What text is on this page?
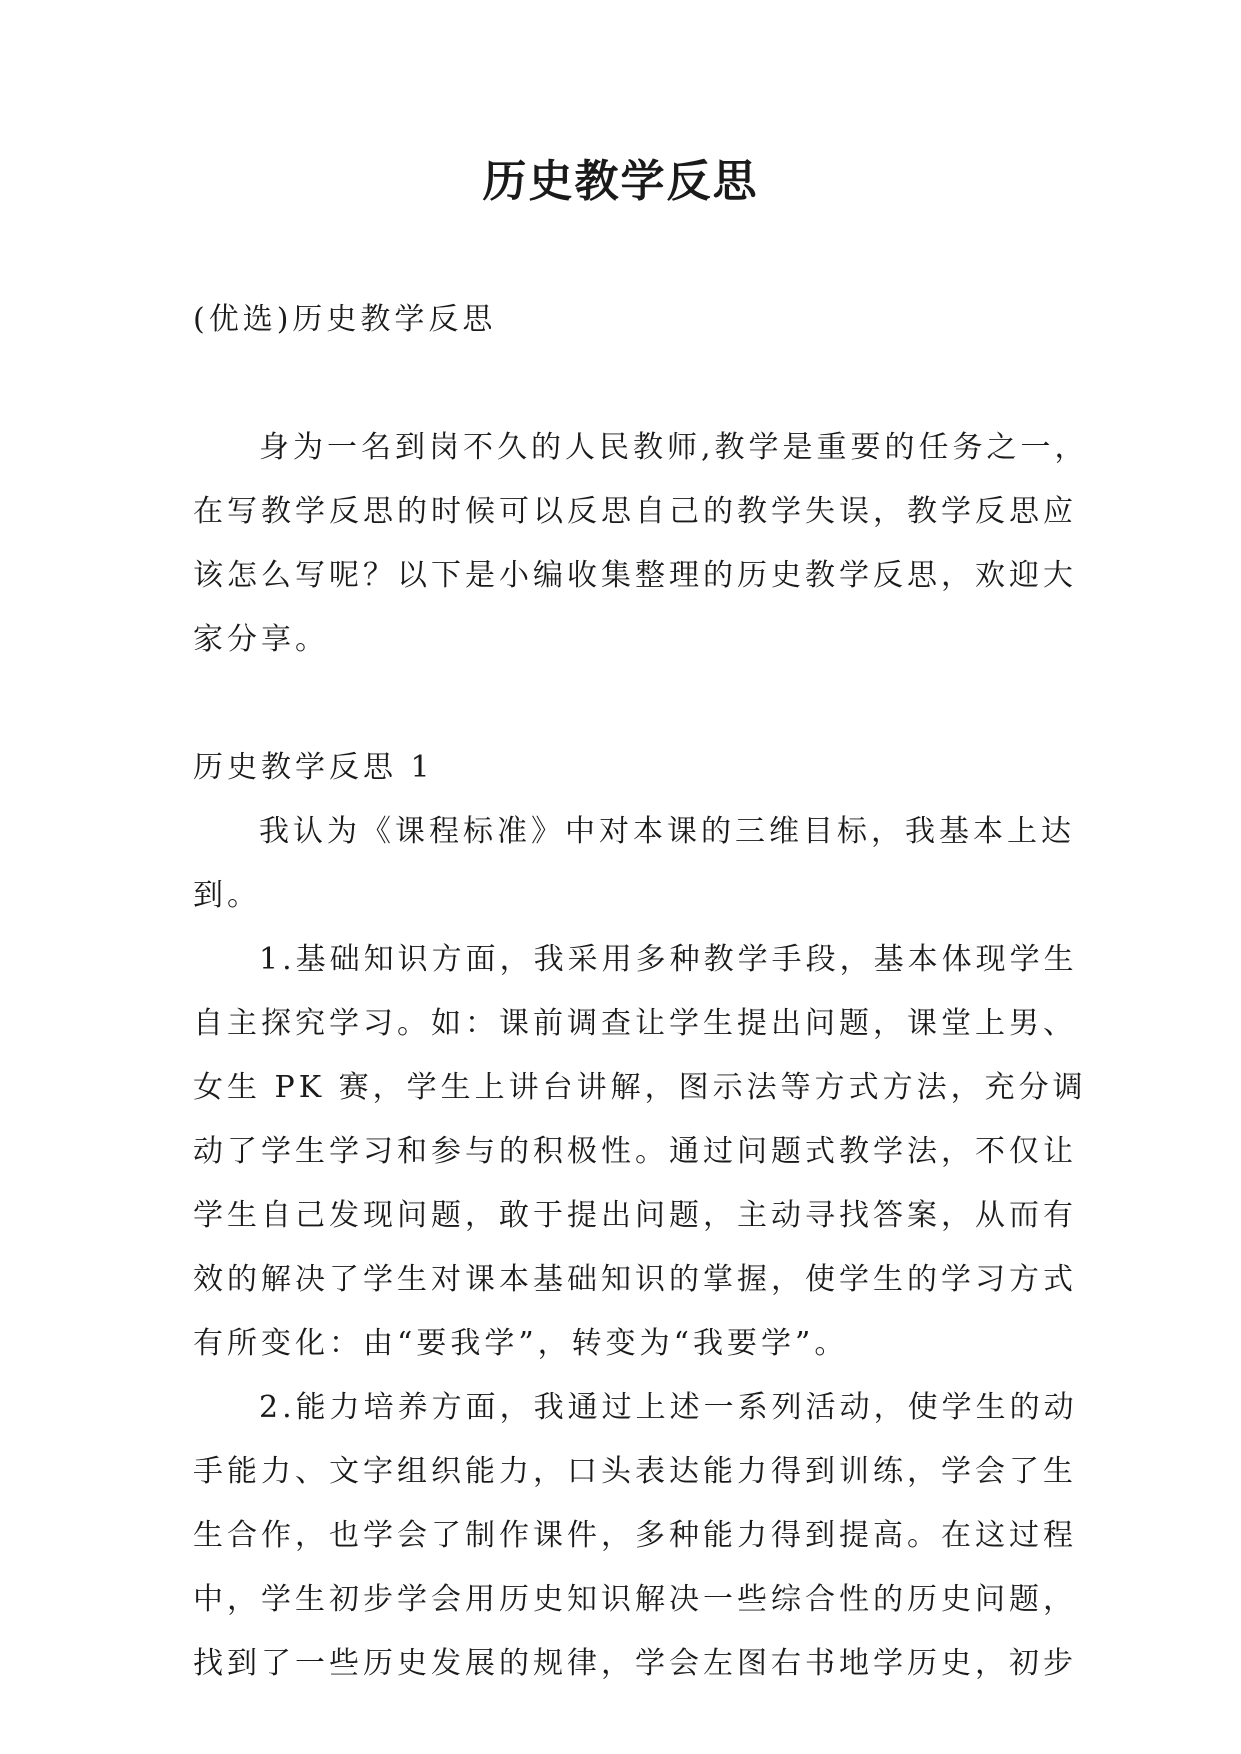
历史教学反思
(优选)历史教学反思
身为一名到岗不久的人民教师,教学是重要的任务之一，
在写教学反思的时候可以反思自己的教学失误，教学反思应
该怎么写呢？以下是小编收集整理的历史教学反思，欢迎大
家分享。
历史教学反思 1
我认为《课程标准》中对本课的三维目标，我基本上达
到。
1.基础知识方面，我采用多种教学手段，基本体现学生
自主探究学习。如：课前调查让学生提出问题，课堂上男、
女生 PK 赛，学生上讲台讲解，图示法等方式方法，充分调
动了学生学习和参与的积极性。通过问题式教学法，不仅让
学生自己发现问题，敢于提出问题，主动寻找答案，从而有
效的解决了学生对课本基础知识的掌握，使学生的学习方式
有所变化：由“要我学”，转变为“我要学”。
2.能力培养方面，我通过上述一系列活动，使学生的动
手能力、文字组织能力，口头表达能力得到训练，学会了生
生合作，也学会了制作课件，多种能力得到提高。在这过程
中，学生初步学会用历史知识解决一些综合性的历史问题，
找到了一些历史发展的规律，学会左图右书地学历史，初步
